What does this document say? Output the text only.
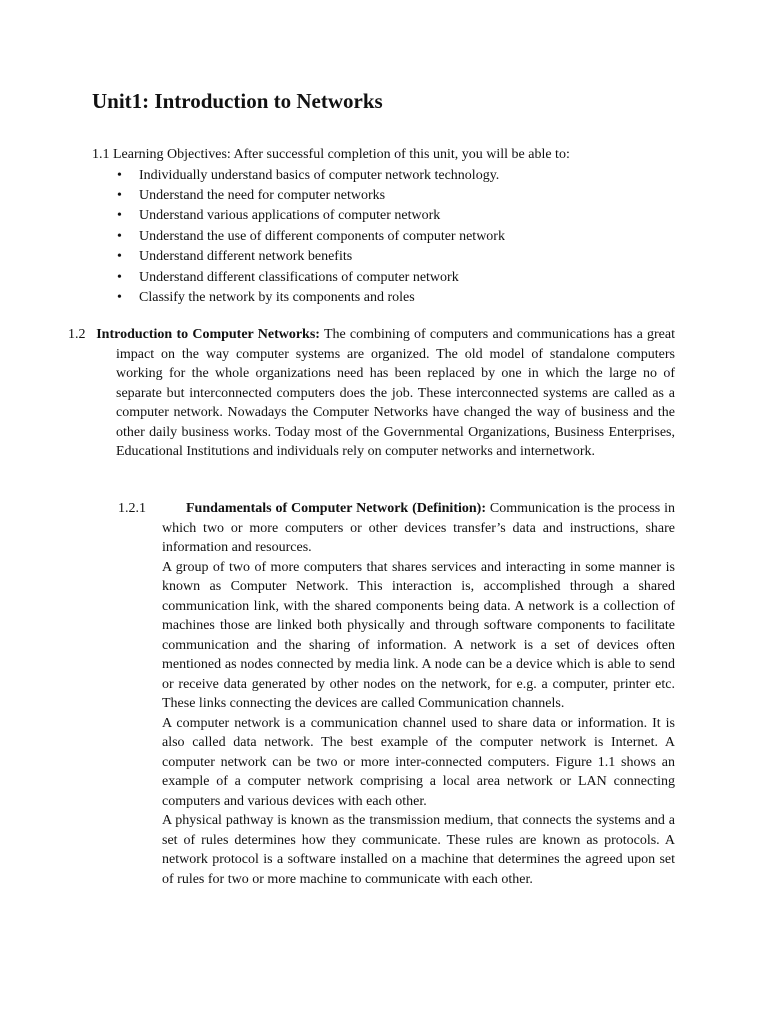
Unit1: Introduction to Networks

1.1 Learning Objectives: After successful completion of this unit, you will be able to:

• Individually understand basics of computer network technology.
• Understand the need for computer networks
• Understand various applications of computer network
• Understand the use of different components of computer network
• Understand different network benefits
• Understand different classifications of computer network
• Classify the network by its components and roles

1.2 Introduction to Computer Networks: The combining of computers and communications has a great impact on the way computer systems are organized. The old model of standalone computers working for the whole organizations need has been replaced by one in which the large no of separate but interconnected computers does the job. These interconnected systems are called as a computer network. Nowadays the Computer Networks have changed the way of business and the other daily business works. Today most of the Governmental Organizations, Business Enterprises, Educational Institutions and individuals rely on computer networks and internetwork.

1.2.1	Fundamentals of Computer Network (Definition): Communication is the process in which two or more computers or other devices transfer’s data and instructions, share information and resources.

A group of two of more computers that shares services and interacting in some manner is known as Computer Network. This interaction is, accomplished through a shared communication link, with the shared components being data. A network is a collection of machines those are linked both physically and through software components to facilitate communication and the sharing of information. A network is a set of devices often mentioned as nodes connected by media link. A node can be a device which is able to send or receive data generated by other nodes on the network, for e.g. a computer, printer etc. These links connecting the devices are called Communication channels.

A computer network is a communication channel used to share data or information. It is also called data network. The best example of the computer network is Internet. A computer network can be two or more inter-connected computers. Figure 1.1 shows an example of a computer network comprising a local area network or LAN connecting computers and various devices with each other.

A physical pathway is known as the transmission medium, that connects the systems and a set of rules determines how they communicate. These rules are known as protocols. A network protocol is a software installed on a machine that determines the agreed upon set of rules for two or more machine to communicate with each other.
